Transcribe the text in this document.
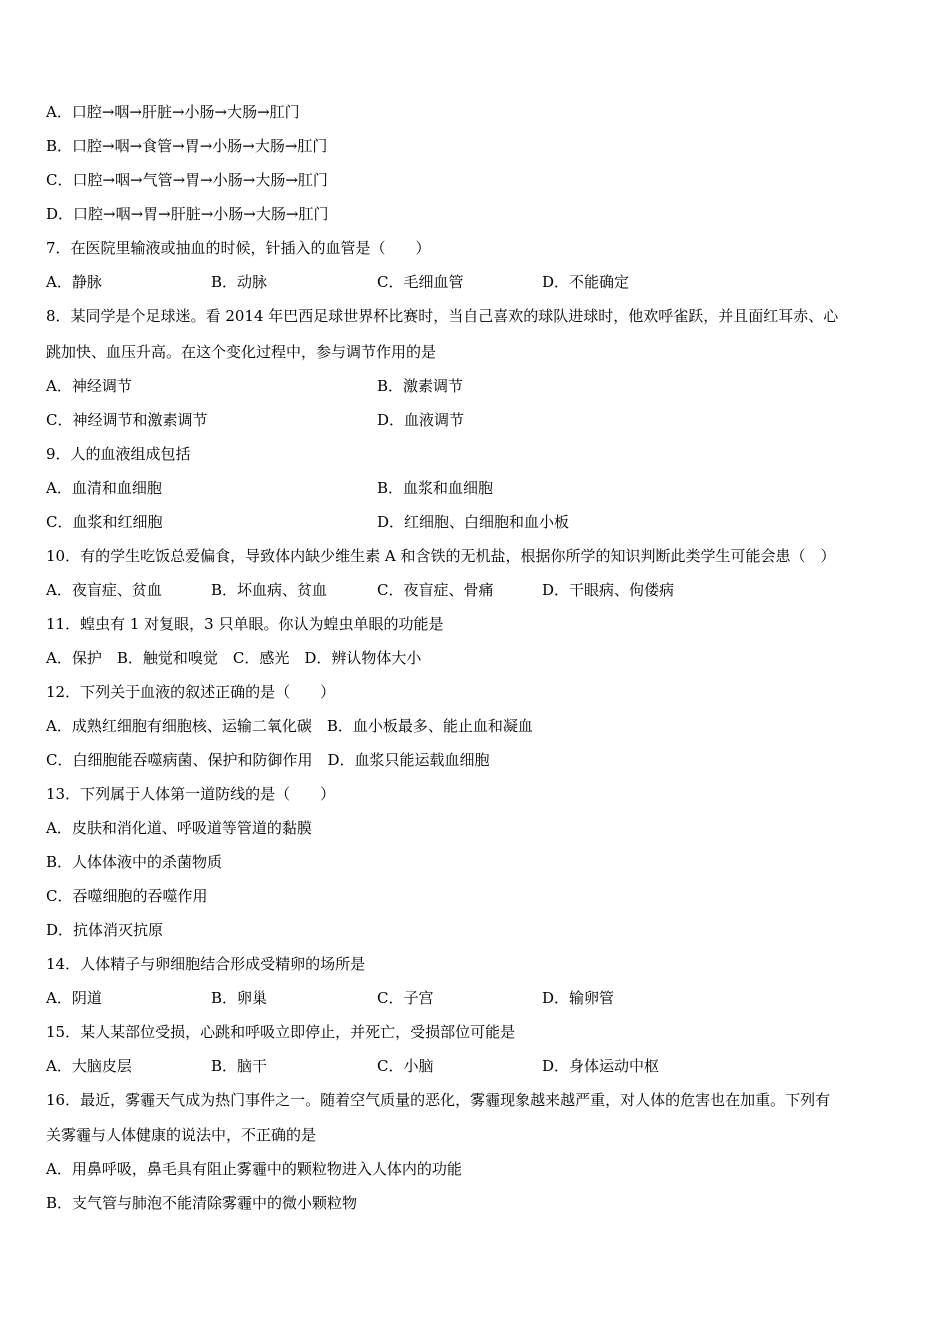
A．口腔→咽→肝脏→小肠→大肠→肛门
B．口腔→咽→食管→胃→小肠→大肠→肛门
C．口腔→咽→气管→胃→小肠→大肠→肛门
D．口腔→咽→胃→肝脏→小肠→大肠→肛门
7．在医院里输液或抽血的时候，针插入的血管是（　　）
A．静脉	B．动脉	C．毛细血管	D．不能确定
8．某同学是个足球迷。看 2014 年巴西足球世界杯比赛时，当自己喜欢的球队进球时，他欢呼雀跃，并且面红耳赤、心
跳加快、血压升高。在这个变化过程中，参与调节作用的是
A．神经调节	B．激素调节
C．神经调节和激素调节	D．血液调节
9．人的血液组成包括
A．血清和血细胞	B．血浆和血细胞
C．血浆和红细胞	D．红细胞、白细胞和血小板
10．有的学生吃饭总爱偏食，导致体内缺少维生素 A 和含铁的无机盐，根据你所学的知识判断此类学生可能会患（　）
A．夜盲症、贫血	B．坏血病、贫血	C．夜盲症、骨痛	D．干眼病、佝偻病
11．蝗虫有 1 对复眼，3 只单眼。你认为蝗虫单眼的功能是
A．保护　B．触觉和嗅觉　C．感光　D．辨认物体大小
12．下列关于血液的叙述正确的是（　　）
A．成熟红细胞有细胞核、运输二氧化碳　B．血小板最多、能止血和凝血
C．白细胞能吞噬病菌、保护和防御作用　D．血浆只能运载血细胞
13．下列属于人体第一道防线的是（　　）
A．皮肤和消化道、呼吸道等管道的黏膜
B．人体体液中的杀菌物质
C．吞噬细胞的吞噬作用
D．抗体消灭抗原
14．人体精子与卵细胞结合形成受精卵的场所是
A．阴道	B．卵巢	C．子宫	D．输卵管
15．某人某部位受损，心跳和呼吸立即停止，并死亡，受损部位可能是
A．大脑皮层	B．脑干	C．小脑	D．身体运动中枢
16．最近，雾霾天气成为热门事件之一。随着空气质量的恶化，雾霾现象越来越严重，对人体的危害也在加重。下列有
关雾霾与人体健康的说法中，不正确的是
A．用鼻呼吸，鼻毛具有阻止雾霾中的颗粒物进入人体内的功能
B．支气管与肺泡不能清除雾霾中的微小颗粒物
